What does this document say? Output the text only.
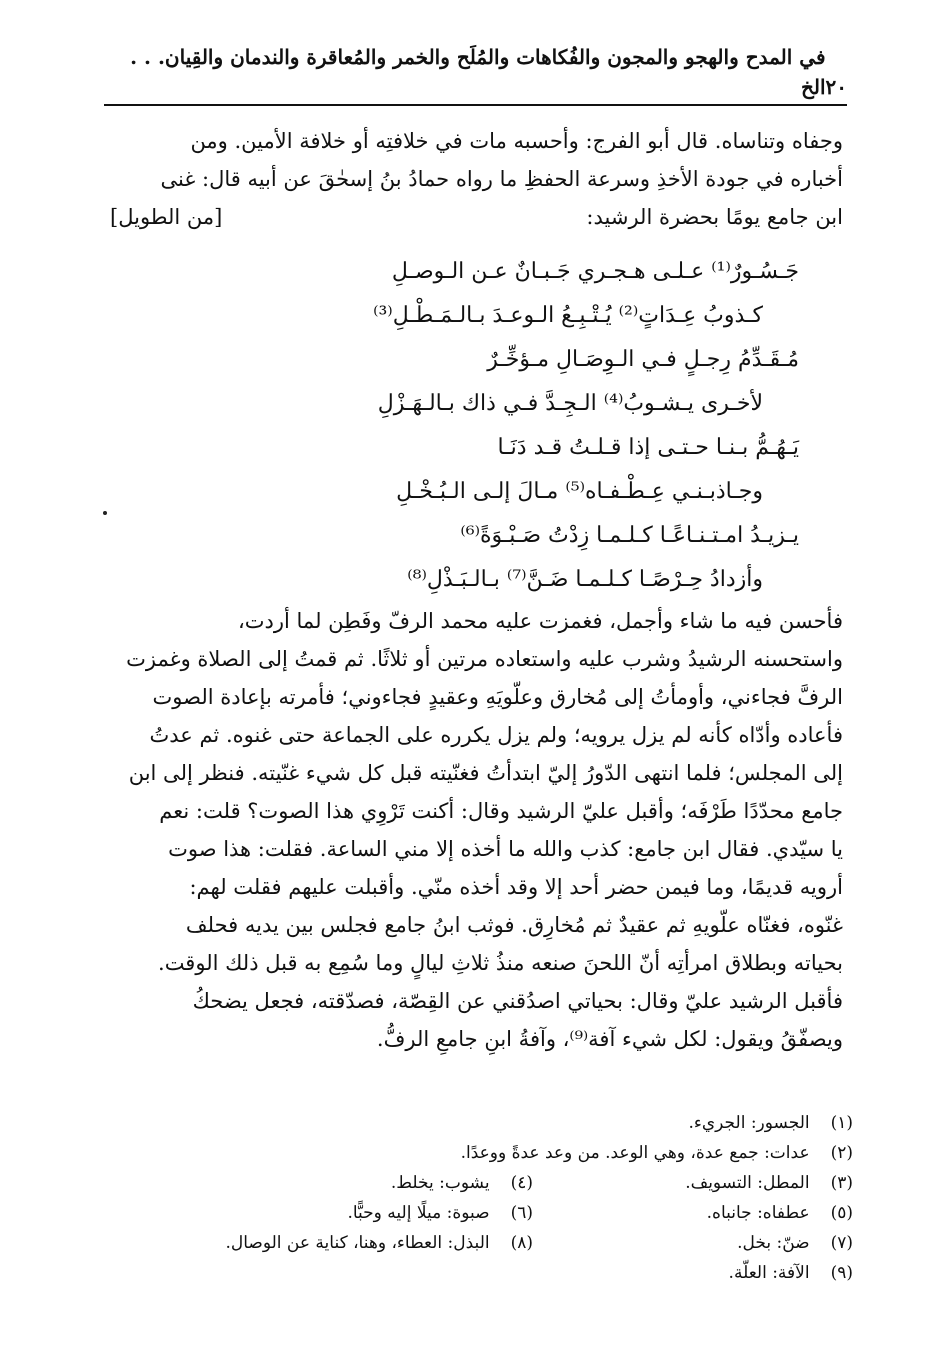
٢٠
في المدح والهجو والمجون والفُكاهات والمُلَح والخمر والمُعاقرة والندمان والقِيان. . . الخ
وجفاه وتناساه. قال أبو الفرج: وأحسبه مات في خلافتِه أو خلافة الأمين. ومن
أخباره في جودة الأخذِ وسرعة الحفظِ ما رواه حمادُ بنُ إسحٰقَ عن أبيه قال: غنى
ابن جامع يومًا بحضرة الرشيد:
[من الطويل]
جَـسُـورٌ⁽¹⁾ عـلـى هـجـري جَـبـانٌ عـن الـوصـلِ
كـذوبُ عِـدَاتٍ⁽²⁾ يُـتْـبِـعُ الـوعـدَ بـالـمَـطْـلِ⁽³⁾
مُـقَـدِّمُ رِجـلٍ فـي الـوِصَـالِ مـؤخِّـرٌ
لأخـرى يـشـوبُ⁽⁴⁾ الـجِـدَّ فـي ذاك بـالـهَـزْلِ
يَـهُـمُّ بـنـا حـتـى إذا قـلـتُ قـد دَنَـا
وجـاذبـنـي عِـطْـفـاه⁽⁵⁾ مـالَ إلـى الـبُـخْـلِ
يـزيـدُ امـتـنـاعًـا كـلـمـا زِدْتُ صَـبْـوَةً⁽⁶⁾
وأزدادُ حِـرْصًـا كـلـمـا ضَـنَّ⁽⁷⁾ بـالـبَـذْلِ⁽⁸⁾
فأحسن فيه ما شاء وأجمل، فغمزت عليه محمد الرفّ وفَطِن لما أردت،
واستحسنه الرشيدُ وشرب عليه واستعاده مرتين أو ثلاثًا. ثم قمتُ إلى الصلاة وغمزت
الرفَّ فجاءني، وأومأتُ إلى مُخارق وعلّويَهِ وعقيدٍ فجاءوني؛ فأمرته بإعادة الصوت
فأعاده وأدّاه كأنه لم يزل يرويه؛ ولم يزل يكرره على الجماعة حتى غنوه. ثم عدتُ
إلى المجلس؛ فلما انتهى الدّورُ إليّ ابتدأتُ فغنّيته قبل كل شيء غنّيته. فنظر إلى ابن
جامع محدّدًا طَرْفَه؛ وأقبل عليّ الرشيد وقال: أكنت تَرْوِي هذا الصوت؟ قلت: نعم
يا سيّدي. فقال ابن جامع: كذب والله ما أخذه إلا مني الساعة. فقلت: هذا صوت
أرويه قديمًا، وما فيمن حضر أحد إلا وقد أخذه منّي. وأقبلت عليهم فقلت لهم:
غنّوه، فغنّاه علّويهِ ثم عقيدٌ ثم مُخارِق. فوثب ابنُ جامع فجلس بين يديه فحلف
بحياته وبطلاق امرأتِه أنّ اللحنَ صنعه منذُ ثلاثِ ليالٍ وما سُمِع به قبل ذلك الوقت.
فأقبل الرشيد عليّ وقال: بحياتي اصدُقني عن القِصّة، فصدّقته، فجعل يضحكُ
ويصفّقُ ويقول: لكل شيء آفة⁽⁹⁾، وآفةُ ابنِ جامعِ الرفُّ.
(١) الجسور: الجريء.
(٢) عدات: جمع عدة، وهي الوعد. من وعد عدةً ووعدًا.
(٣) المطل: التسويف.
(٤) يشوب: يخلط.
(٥) عطفاه: جانباه.
(٦) صبوة: ميلًا إليه وحبًّا.
(٧) ضنّ: بخل.
(٨) البذل: العطاء، وهنا، كناية عن الوصال.
(٩) الآفة: العلّة.
